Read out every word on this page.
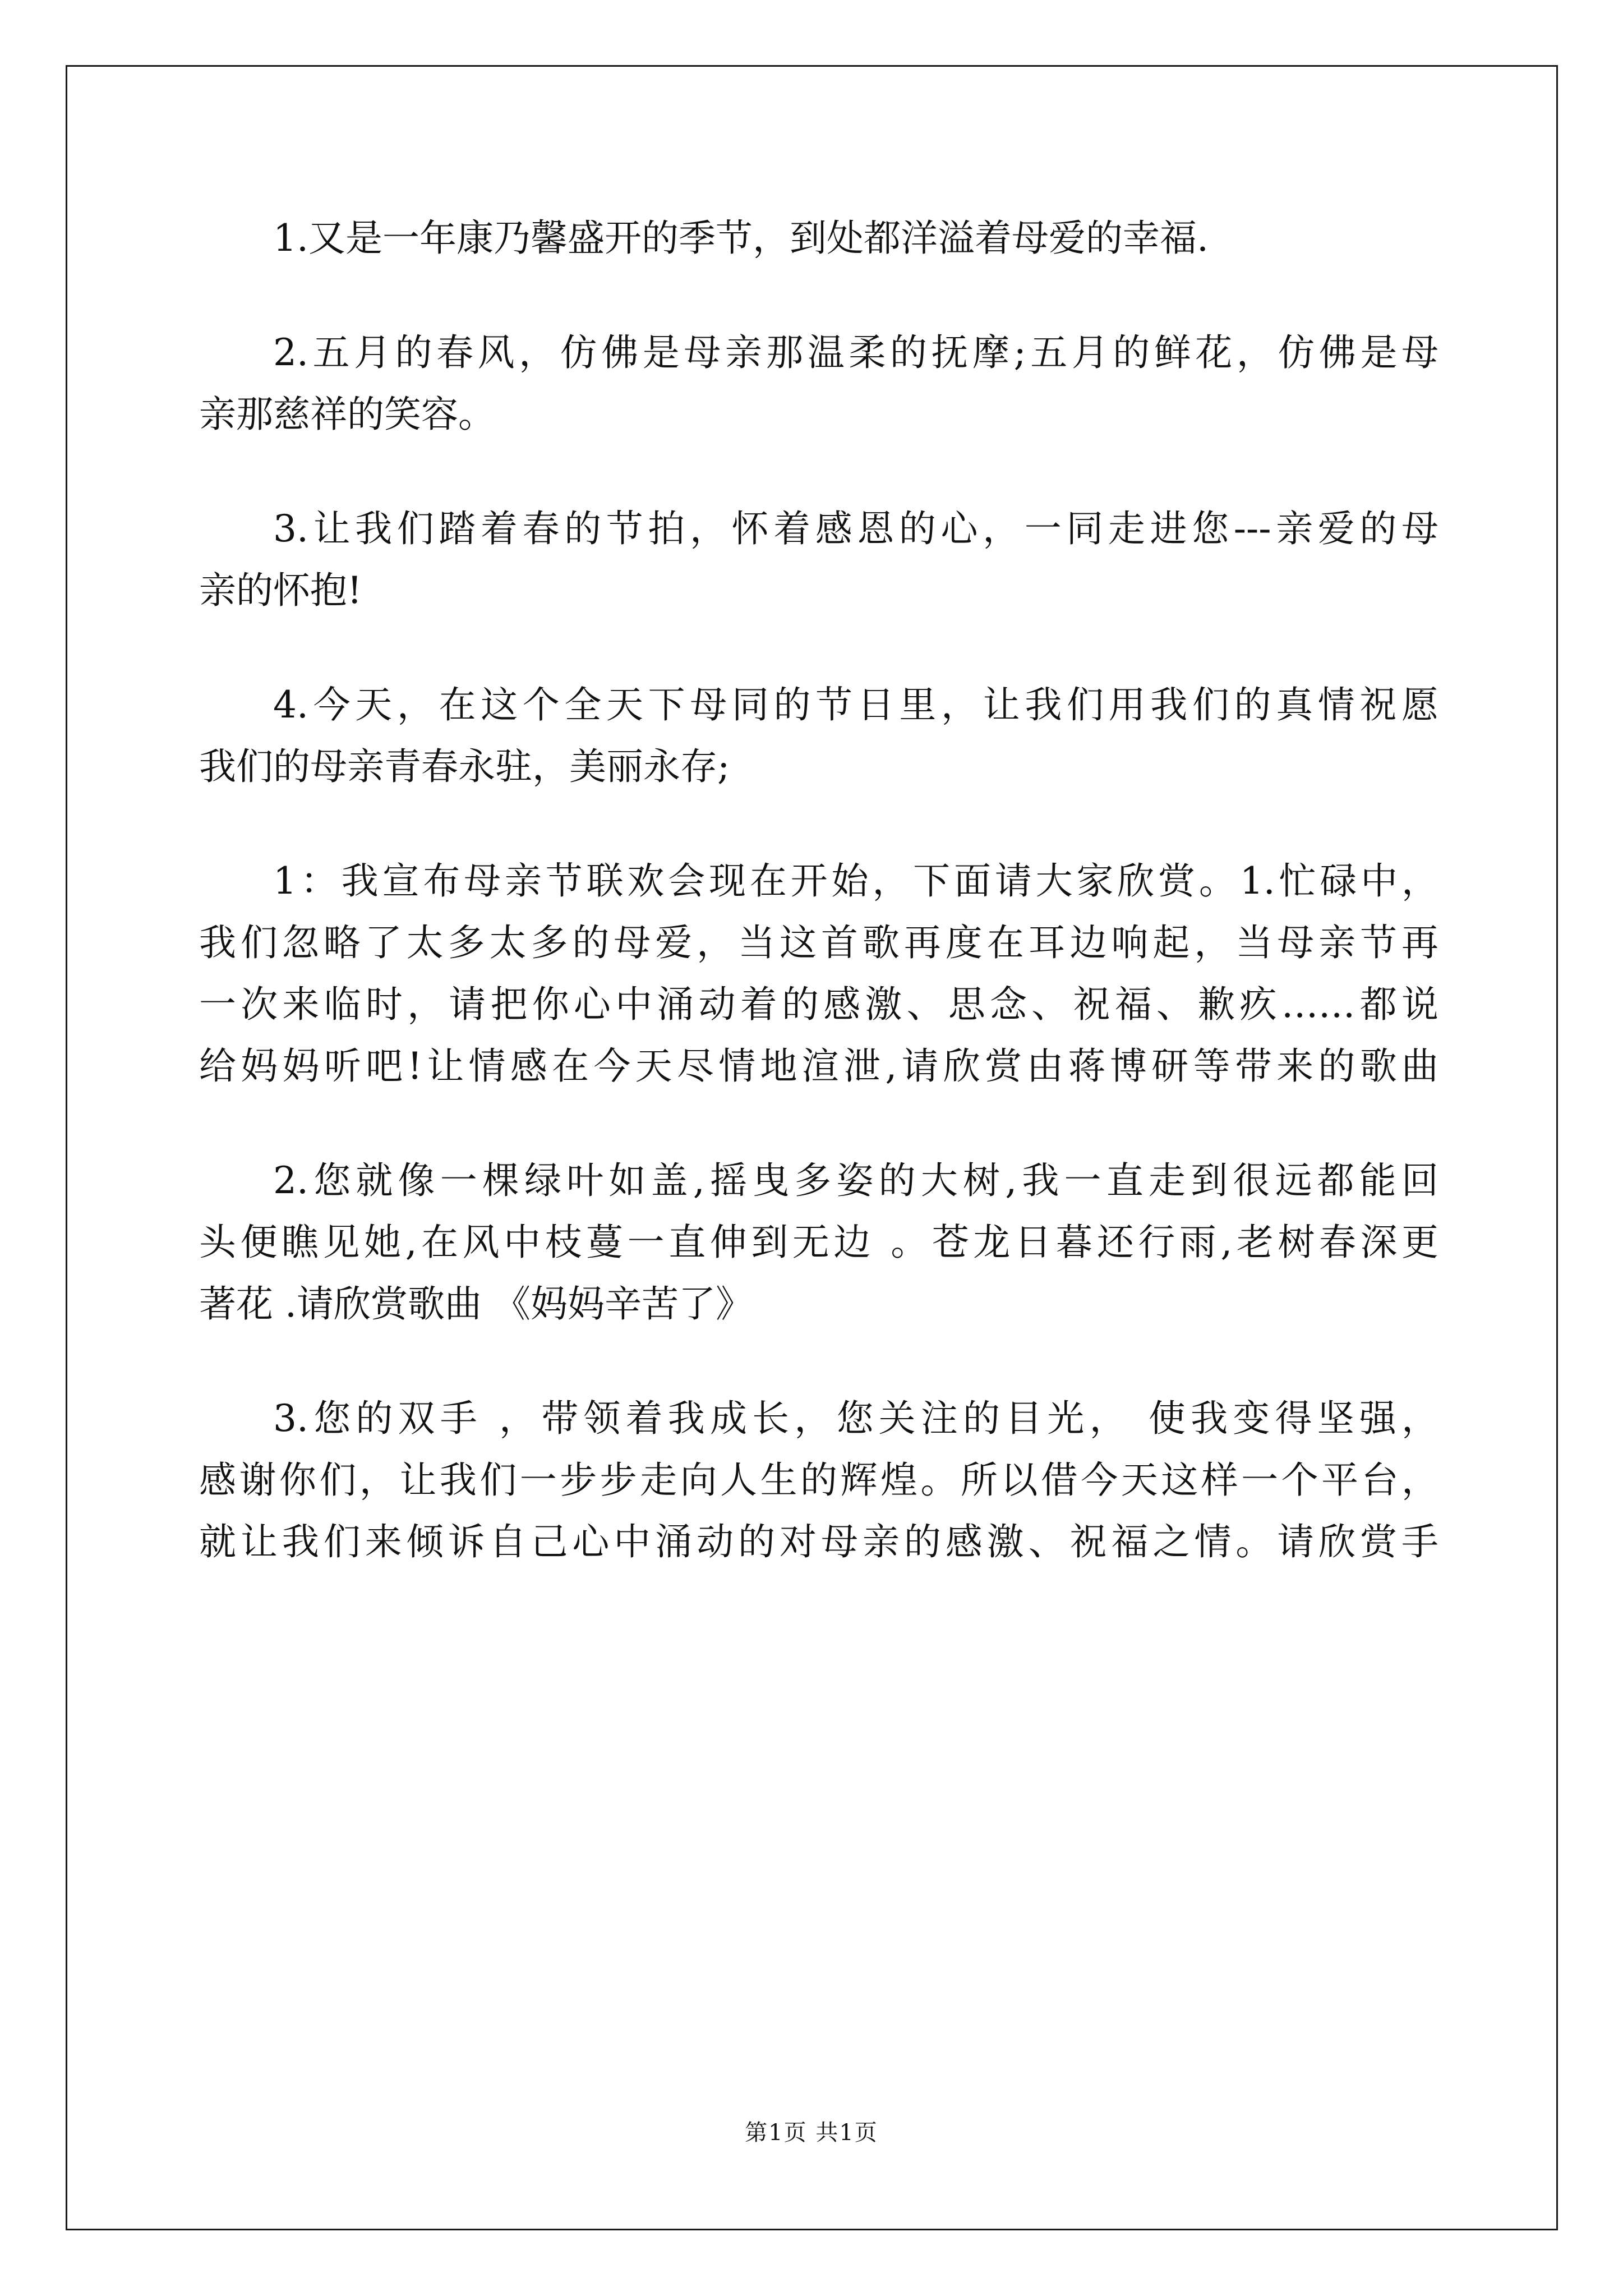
1.又是一年康乃馨盛开的季节，到处都洋溢着母爱的幸福.
2.五月的春风，仿佛是母亲那温柔的抚摩;五月的鲜花，仿佛是母
亲那慈祥的笑容。
3.让我们踏着春的节拍，怀着感恩的心，一同走进您---亲爱的母
亲的怀抱!
4.今天，在这个全天下母同的节日里，让我们用我们的真情祝愿
我们的母亲青春永驻，美丽永存;
1：我宣布母亲节联欢会现在开始，下面请大家欣赏。1.忙碌中，
我们忽略了太多太多的母爱，当这首歌再度在耳边响起，当母亲节再
一次来临时，请把你心中涌动着的感激、思念、祝福、歉疚……都说
给妈妈听吧!让情感在今天尽情地渲泄,请欣赏由蒋博研等带来的歌曲
2.您就像一棵绿叶如盖,摇曳多姿的大树,我一直走到很远都能回
头便瞧见她,在风中枝蔓一直伸到无边 。苍龙日暮还行雨,老树春深更
著花 .请欣赏歌曲 《妈妈辛苦了》
3.您的双手 ，带领着我成长，您关注的目光， 使我变得坚强，
感谢你们，让我们一步步走向人生的辉煌。所以借今天这样一个平台，
就让我们来倾诉自己心中涌动的对母亲的感激、祝福之情。请欣赏手
第1页 共1页
